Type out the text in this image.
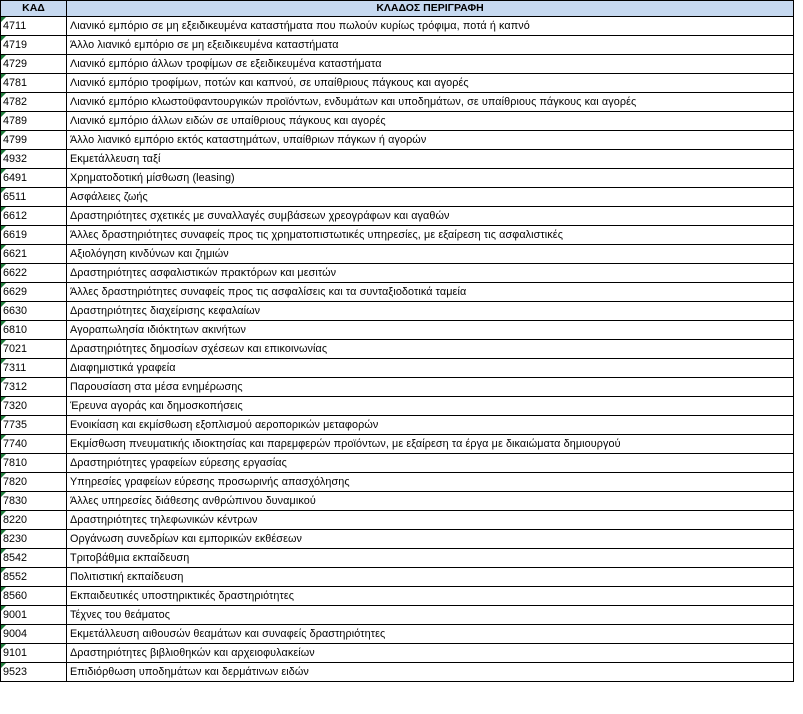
ΚΑΔ	ΚΛΑΔΟΣ ΠΕΡΙΓΡΑΦΗ
4711	Λιανικό εμπόριο σε μη εξειδικευμένα καταστήματα που πωλούν κυρίως τρόφιμα, ποτά ή καπνό
4719	Άλλο λιανικό εμπόριο σε μη εξειδικευμένα καταστήματα
4729	Λιανικό εμπόριο άλλων τροφίμων σε εξειδικευμένα καταστήματα
4781	Λιανικό εμπόριο τροφίμων, ποτών και καπνού, σε υπαίθριους πάγκους και αγορές
4782	Λιανικό εμπόριο κλωστοϋφαντουργικών προϊόντων, ενδυμάτων και υποδημάτων, σε υπαίθριους πάγκους και αγορές
4789	Λιανικό εμπόριο άλλων ειδών σε υπαίθριους πάγκους και αγορές
4799	Άλλο λιανικό εμπόριο εκτός καταστημάτων, υπαίθριων πάγκων ή αγορών
4932	Εκμετάλλευση ταξί
6491	Χρηματοδοτική μίσθωση (leasing)
6511	Ασφάλειες ζωής
6612	Δραστηριότητες σχετικές με συναλλαγές συμβάσεων χρεογράφων και αγαθών
6619	Άλλες δραστηριότητες συναφείς προς τις χρηματοπιστωτικές υπηρεσίες, με εξαίρεση τις ασφαλιστικές
6621	Αξιολόγηση κινδύνων και ζημιών
6622	Δραστηριότητες ασφαλιστικών πρακτόρων και μεσιτών
6629	Άλλες δραστηριότητες συναφείς προς τις ασφαλίσεις και τα συνταξιοδοτικά ταμεία
6630	Δραστηριότητες διαχείρισης κεφαλαίων
6810	Αγοραπωλησία ιδιόκτητων ακινήτων
7021	Δραστηριότητες δημοσίων σχέσεων και επικοινωνίας
7311	Διαφημιστικά γραφεία
7312	Παρουσίαση στα μέσα ενημέρωσης
7320	Έρευνα αγοράς και δημοσκοπήσεις
7735	Ενοικίαση και εκμίσθωση εξοπλισμού αεροπορικών μεταφορών
7740	Εκμίσθωση πνευματικής ιδιοκτησίας και παρεμφερών προϊόντων, με εξαίρεση τα έργα με δικαιώματα δημιουργού
7810	Δραστηριότητες γραφείων εύρεσης εργασίας
7820	Υπηρεσίες γραφείων εύρεσης προσωρινής απασχόλησης
7830	Άλλες υπηρεσίες διάθεσης ανθρώπινου δυναμικού
8220	Δραστηριότητες τηλεφωνικών κέντρων
8230	Οργάνωση συνεδρίων και εμπορικών εκθέσεων
8542	Τριτοβάθμια εκπαίδευση
8552	Πολιτιστική εκπαίδευση
8560	Εκπαιδευτικές υποστηρικτικές δραστηριότητες
9001	Τέχνες του θεάματος
9004	Εκμετάλλευση αιθουσών θεαμάτων και συναφείς δραστηριότητες
9101	Δραστηριότητες βιβλιοθηκών και αρχειοφυλακείων
9523	Επιδιόρθωση υποδημάτων και δερμάτινων ειδών
